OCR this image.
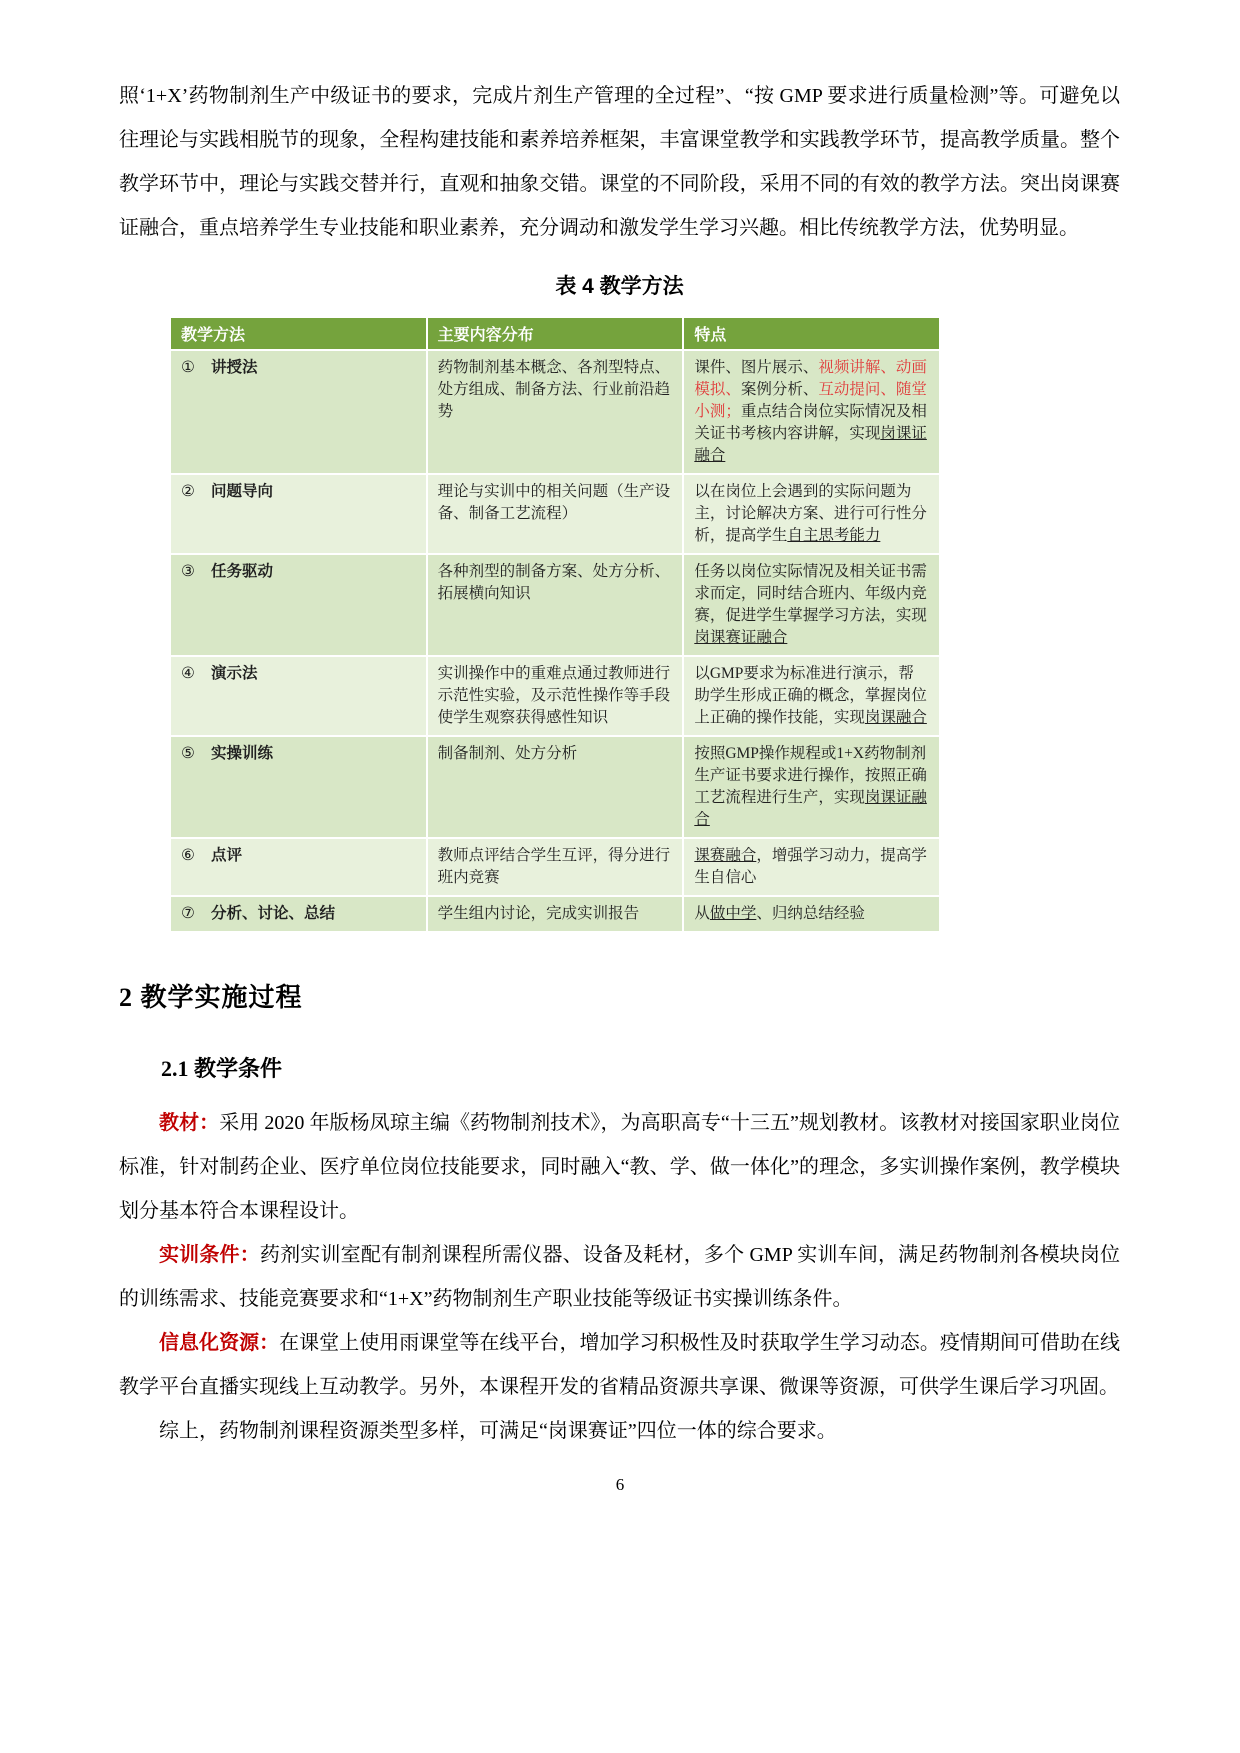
照‘1+X’药物制剂生产中级证书的要求，完成片剂生产管理的全过程”、“按 GMP 要求进行质量检测”等。可避免以往理论与实践相脱节的现象，全程构建技能和素养培养框架，丰富课堂教学和实践教学环节，提高教学质量。整个教学环节中，理论与实践交替并行，直观和抽象交错。课堂的不同阶段，采用不同的有效的教学方法。突出岗课赛证融合，重点培养学生专业技能和职业素养，充分调动和激发学生学习兴趣。相比传统教学方法，优势明显。

表 4 教学方法
教学方法	主要内容分布	特点
① 讲授法	药物制剂基本概念、各剂型特点、处方组成、制备方法、行业前沿趋势	课件、图片展示、视频讲解、动画模拟、案例分析、互动提问、随堂小测；重点结合岗位实际情况及相关证书考核内容讲解，实现岗课证融合
② 问题导向	理论与实训中的相关问题（生产设备、制备工艺流程）	以在岗位上会遇到的实际问题为主，讨论解决方案、进行可行性分析，提高学生自主思考能力
③ 任务驱动	各种剂型的制备方案、处方分析、拓展横向知识	任务以岗位实际情况及相关证书需求而定，同时结合班内、年级内竞赛，促进学生掌握学习方法，实现岗课赛证融合
④ 演示法	实训操作中的重难点通过教师进行示范性实验，及示范性操作等手段使学生观察获得感性知识	以GMP要求为标准进行演示，帮助学生形成正确的概念，掌握岗位上正确的操作技能，实现岗课融合
⑤ 实操训练	制备制剂、处方分析	按照GMP操作规程或1+X药物制剂生产证书要求进行操作，按照正确工艺流程进行生产，实现岗课证融合
⑥ 点评	教师点评结合学生互评，得分进行班内竞赛	课赛融合，增强学习动力，提高学生自信心
⑦ 分析、讨论、总结	学生组内讨论，完成实训报告	从做中学、归纳总结经验
2 教学实施过程
2.1 教学条件

教材：采用 2020 年版杨凤琼主编《药物制剂技术》，为高职高专“十三五”规划教材。该教材对接国家职业岗位标准，针对制药企业、医疗单位岗位技能要求，同时融入“教、学、做一体化”的理念，多实训操作案例，教学模块划分基本符合本课程设计。

实训条件：药剂实训室配有制剂课程所需仪器、设备及耗材，多个 GMP 实训车间，满足药物制剂各模块岗位的训练需求、技能竞赛要求和“1+X”药物制剂生产职业技能等级证书实操训练条件。

信息化资源：在课堂上使用雨课堂等在线平台，增加学习积极性及时获取学生学习动态。疫情期间可借助在线教学平台直播实现线上互动教学。另外，本课程开发的省精品资源共享课、微课等资源，可供学生课后学习巩固。

综上，药物制剂课程资源类型多样，可满足“岗课赛证”四位一体的综合要求。

6
